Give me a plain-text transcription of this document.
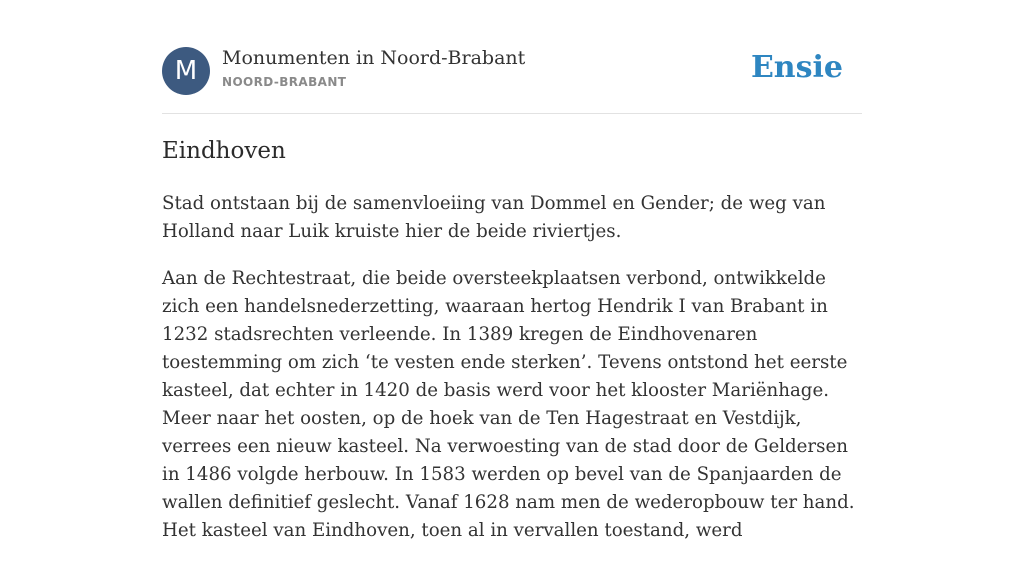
M	Monumenten in Noord-Brabant
NOORD-BRABANT	Ensie
Eindhoven

Stad ontstaan bij de samenvloeiing van Dommel en Gender; de weg van Holland naar Luik kruiste hier de beide riviertjes.

Aan de Rechtestraat, die beide oversteekplaatsen verbond, ontwikkelde zich een handelsnederzetting, waaraan hertog Hendrik I van Brabant in 1232 stadsrechten verleende. In 1389 kregen de Eindhovenaren toestemming om zich ‘te vesten ende sterken’. Tevens ontstond het eerste kasteel, dat echter in 1420 de basis werd voor het klooster Mariënhage. Meer naar het oosten, op de hoek van de Ten Hagestraat en Vestdijk, verrees een nieuw kasteel. Na verwoesting van de stad door de Geldersen in 1486 volgde herbouw. In 1583 werden op bevel van de Spanjaarden de wallen definitief geslecht. Vanaf 1628 nam men de wederopbouw ter hand. Het kasteel van Eindhoven, toen al in vervallen toestand, werd
